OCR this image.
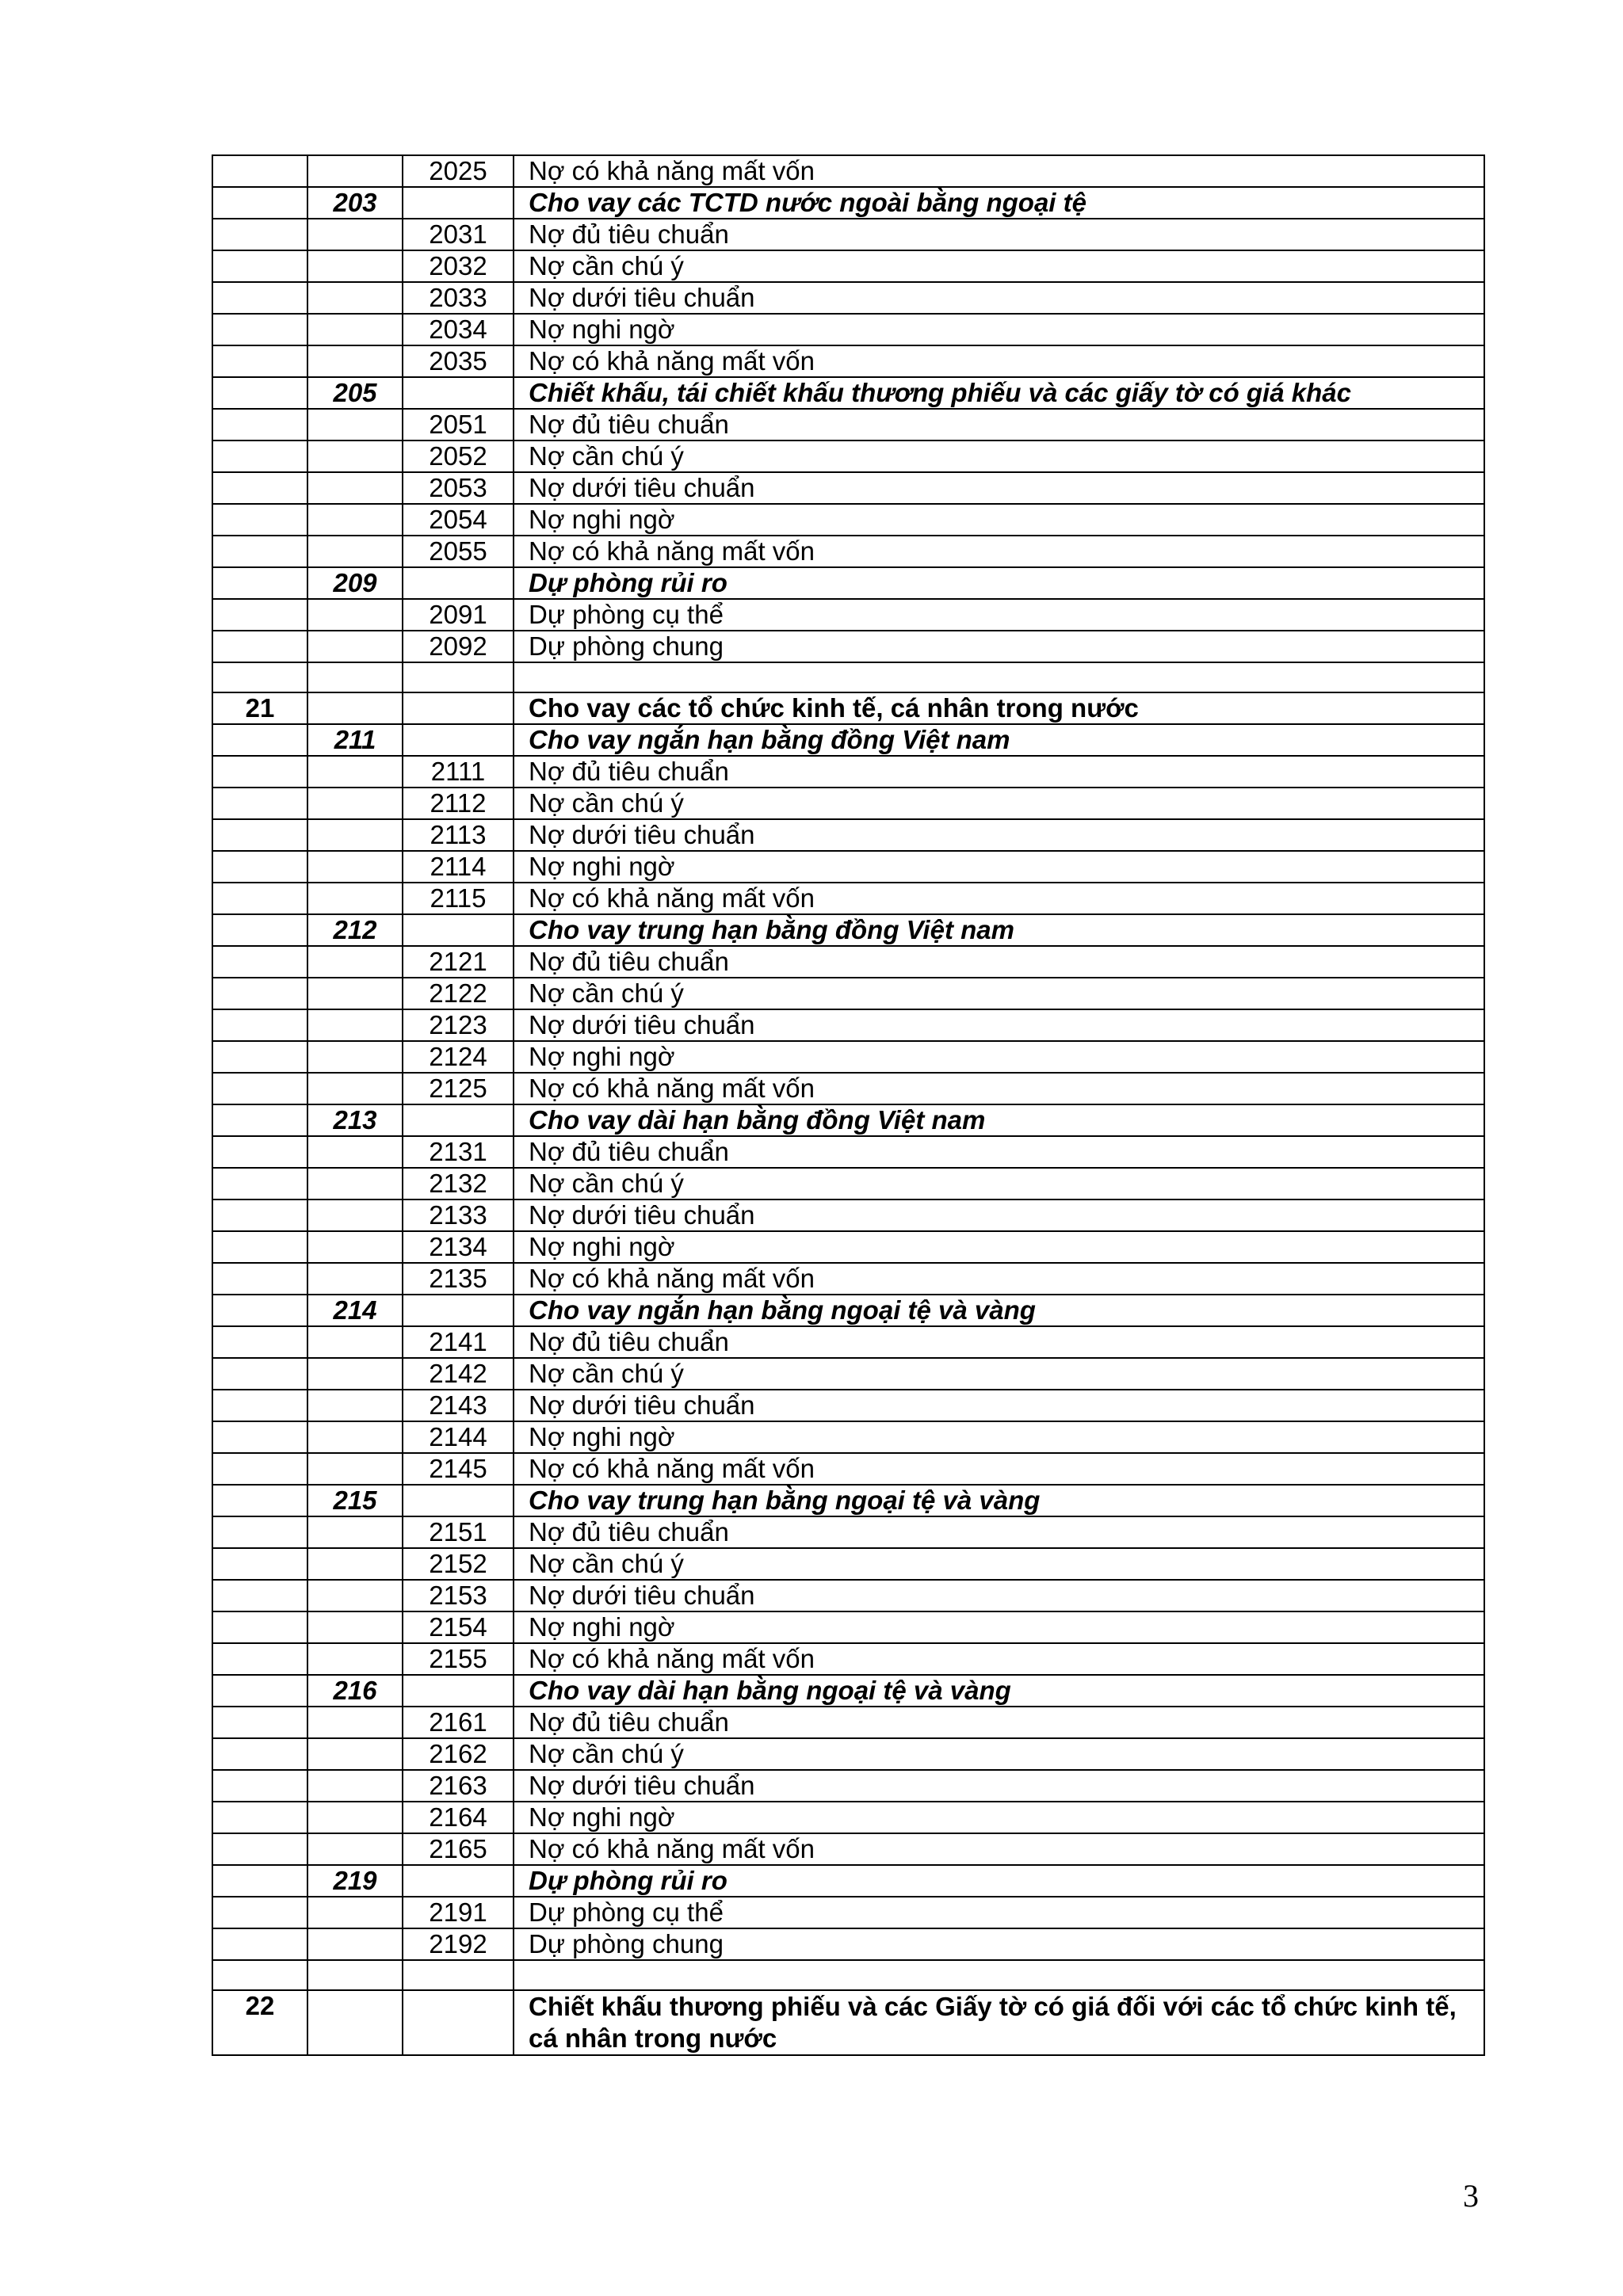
		2025	Nợ có khả năng mất vốn
	203		Cho vay các TCTD nước ngoài bằng ngoại tệ
		2031	Nợ đủ tiêu chuẩn
		2032	Nợ cần chú ý
		2033	Nợ dưới tiêu chuẩn
		2034	Nợ nghi ngờ
		2035	Nợ có khả năng mất vốn
	205		Chiết khấu, tái chiết khấu thương phiếu và các giấy tờ có giá khác
		2051	Nợ đủ tiêu chuẩn
		2052	Nợ cần chú ý
		2053	Nợ dưới tiêu chuẩn
		2054	Nợ nghi ngờ
		2055	Nợ có khả năng mất vốn
	209		Dự phòng rủi ro
		2091	Dự phòng cụ thể
		2092	Dự phòng chung

21			Cho vay các tổ chức kinh tế, cá nhân trong nước
	211		Cho vay ngắn hạn bằng đồng Việt nam
		2111	Nợ đủ tiêu chuẩn
		2112	Nợ cần chú ý
		2113	Nợ dưới tiêu chuẩn
		2114	Nợ nghi ngờ
		2115	Nợ có khả năng mất vốn
	212		Cho vay trung hạn bằng đồng Việt nam
		2121	Nợ đủ tiêu chuẩn
		2122	Nợ cần chú ý
		2123	Nợ dưới tiêu chuẩn
		2124	Nợ nghi ngờ
		2125	Nợ có khả năng mất vốn
	213		Cho vay dài hạn bằng đồng Việt nam
		2131	Nợ đủ tiêu chuẩn
		2132	Nợ cần chú ý
		2133	Nợ dưới tiêu chuẩn
		2134	Nợ nghi ngờ
		2135	Nợ có khả năng mất vốn
	214		Cho vay ngắn hạn bằng ngoại tệ và vàng
		2141	Nợ đủ tiêu chuẩn
		2142	Nợ cần chú ý
		2143	Nợ dưới tiêu chuẩn
		2144	Nợ nghi ngờ
		2145	Nợ có khả năng mất vốn
	215		Cho vay trung hạn bằng ngoại tệ và vàng
		2151	Nợ đủ tiêu chuẩn
		2152	Nợ cần chú ý
		2153	Nợ dưới tiêu chuẩn
		2154	Nợ nghi ngờ
		2155	Nợ có khả năng mất vốn
	216		Cho vay dài hạn bằng ngoại tệ và vàng
		2161	Nợ đủ tiêu chuẩn
		2162	Nợ cần chú ý
		2163	Nợ dưới tiêu chuẩn
		2164	Nợ nghi ngờ
		2165	Nợ có khả năng mất vốn
	219		Dự phòng rủi ro
		2191	Dự phòng cụ thể
		2192	Dự phòng chung

22			Chiết khấu thương phiếu và các Giấy tờ có giá đối với các tổ chức kinh tế, cá nhân trong nước
3
